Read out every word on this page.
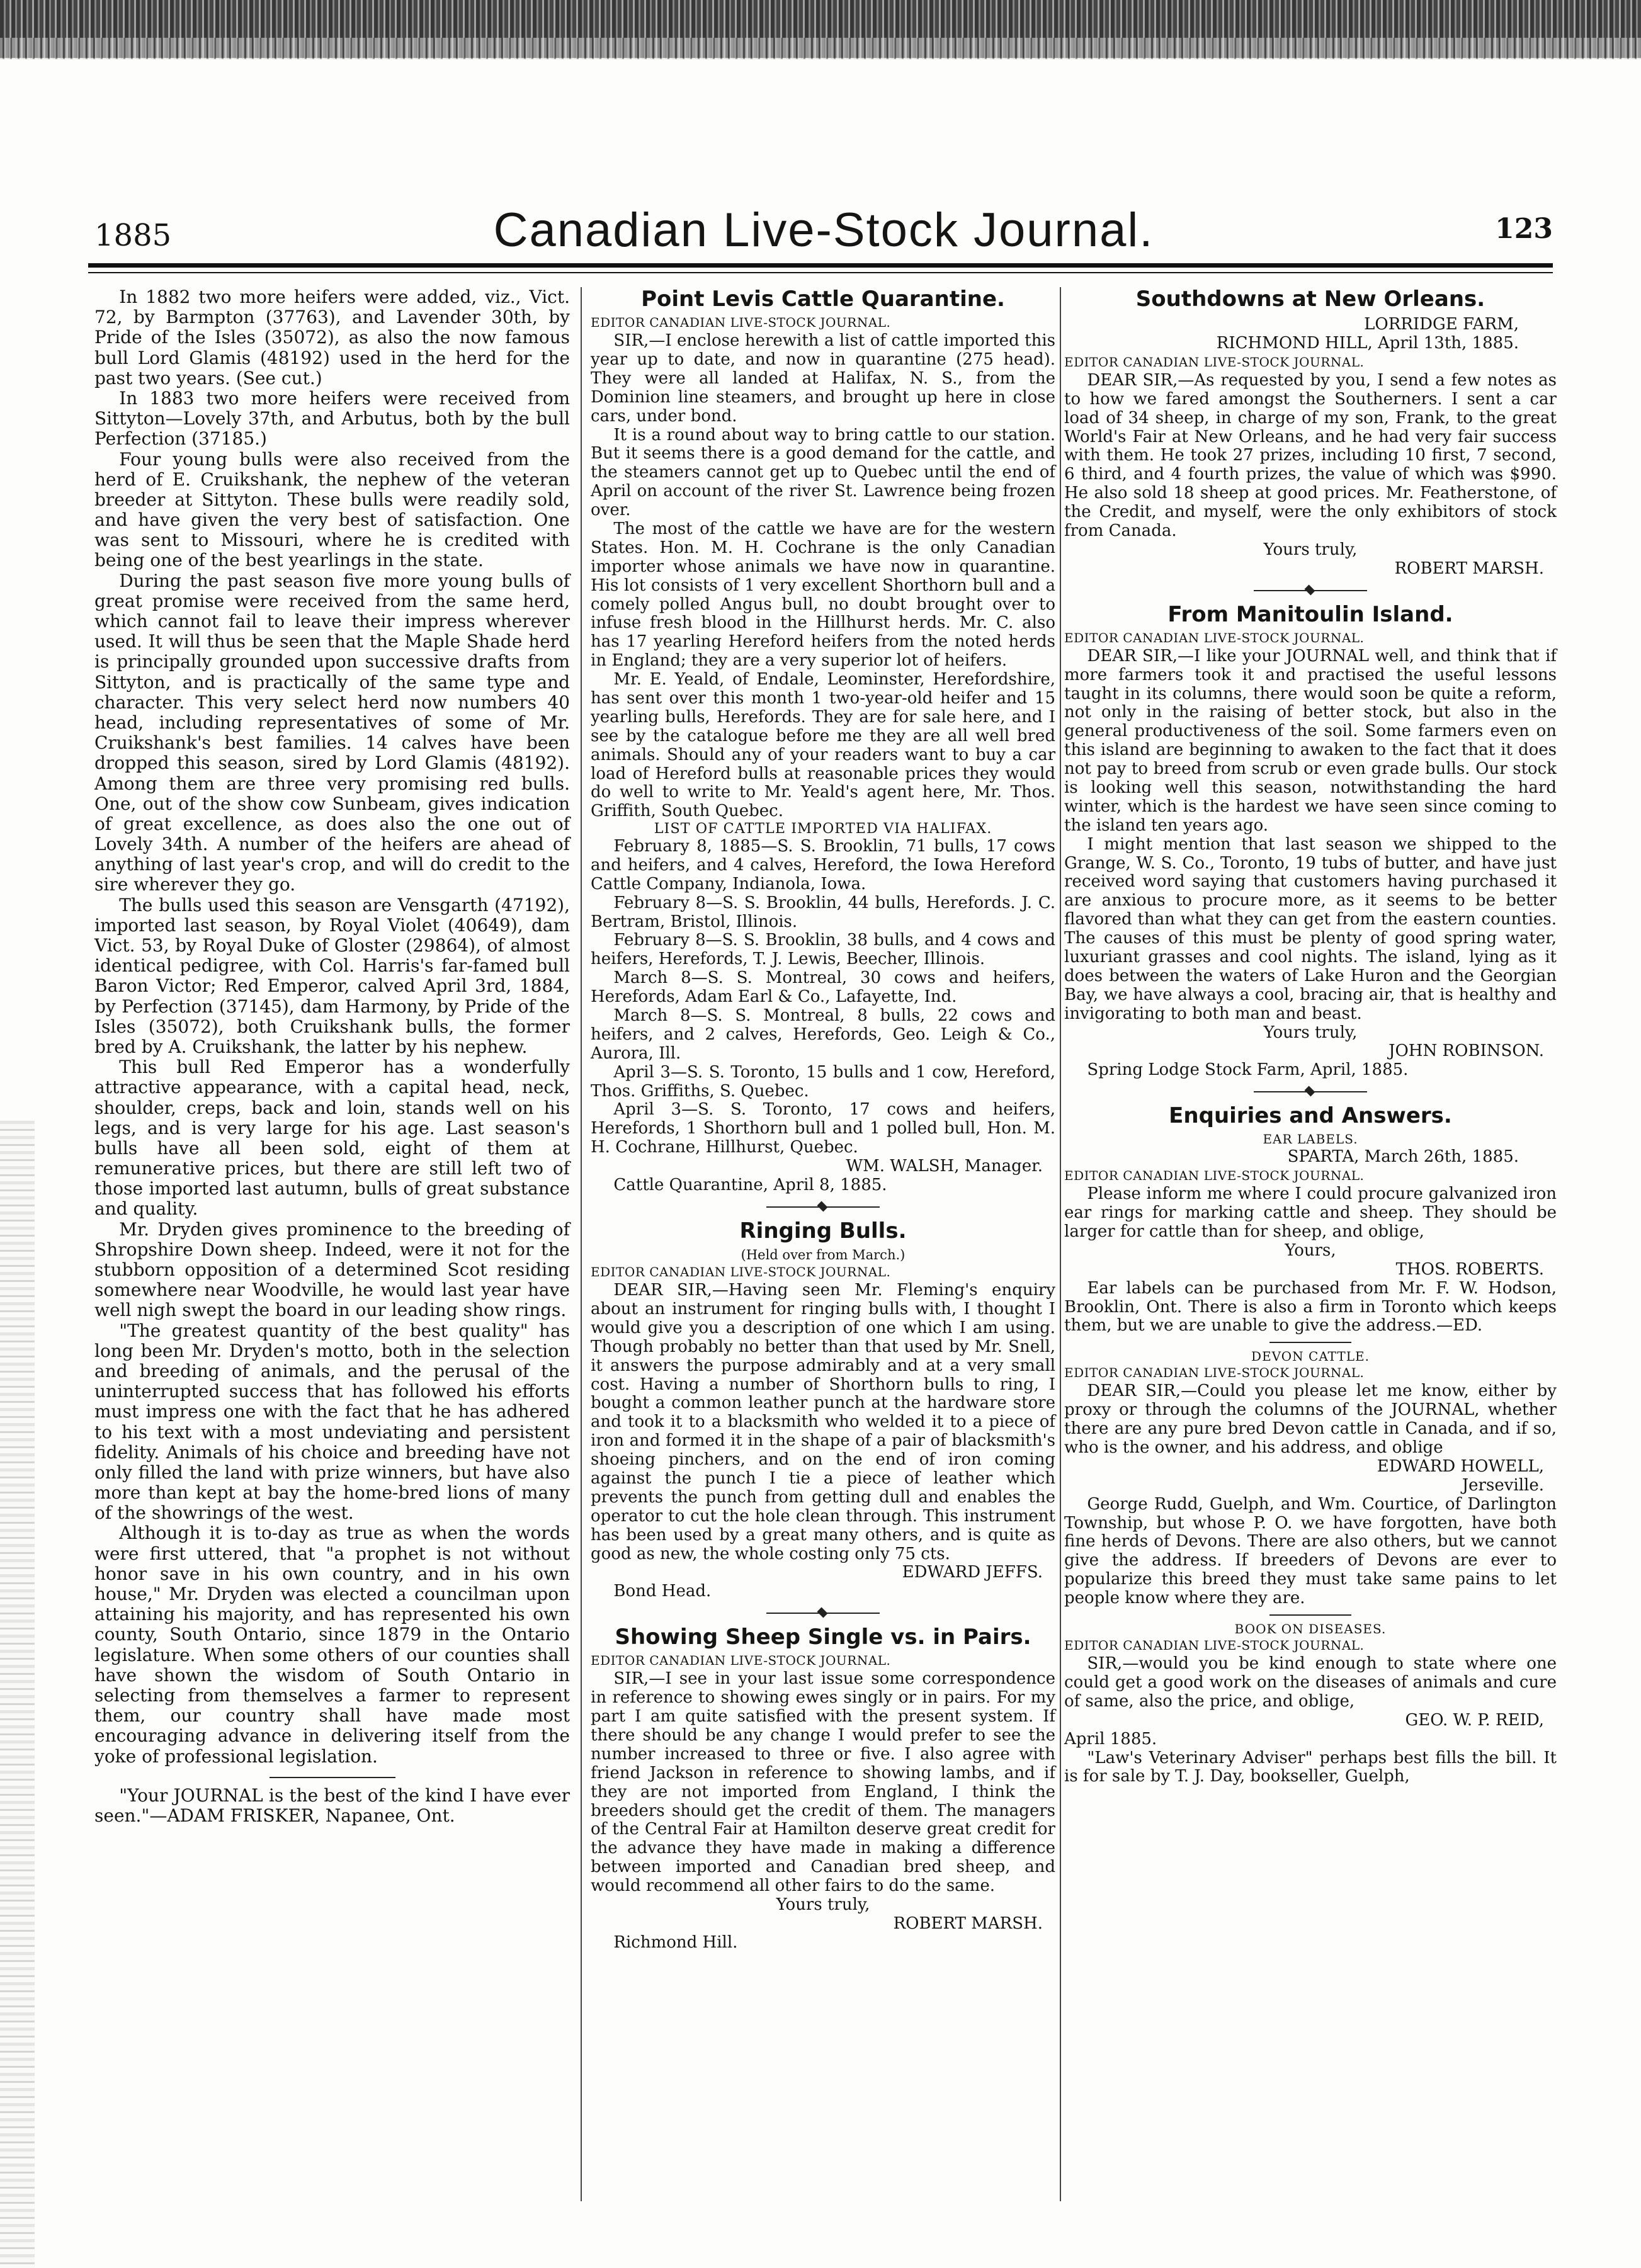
1885	Canadian Live-Stock Journal.	123

In 1882 two more heifers were added, viz., Vict. 72, by Barmpton (37763), and Lavender 30th, by Pride of the Isles (35072), as also the now famous bull Lord Glamis (48192) used in the herd for the past two years. (See cut.)

In 1883 two more heifers were received from Sittyton—Lovely 37th, and Arbutus, both by the bull Perfection (37185.)

Four young bulls were also received from the herd of E. Cruikshank, the nephew of the veteran breeder at Sittyton. These bulls were readily sold, and have given the very best of satisfaction. One was sent to Missouri, where he is credited with being one of the best yearlings in the state.

During the past season five more young bulls of great promise were received from the same herd, which cannot fail to leave their impress wherever used. It will thus be seen that the Maple Shade herd is principally grounded upon successive drafts from Sittyton, and is practically of the same type and character. This very select herd now numbers 40 head, including representatives of some of Mr. Cruikshank's best families. 14 calves have been dropped this season, sired by Lord Glamis (48192). Among them are three very promising red bulls. One, out of the show cow Sunbeam, gives indication of great excellence, as does also the one out of Lovely 34th. A number of the heifers are ahead of anything of last year's crop, and will do credit to the sire wherever they go.

The bulls used this season are Vensgarth (47192), imported last season, by Royal Violet (40649), dam Vict. 53, by Royal Duke of Gloster (29864), of almost identical pedigree, with Col. Harris's far-famed bull Baron Victor; Red Emperor, calved April 3rd, 1884, by Perfection (37145), dam Harmony, by Pride of the Isles (35072), both Cruikshank bulls, the former bred by A. Cruikshank, the latter by his nephew.

This bull Red Emperor has a wonderfully attractive appearance, with a capital head, neck, shoulder, creps, back and loin, stands well on his legs, and is very large for his age. Last season's bulls have all been sold, eight of them at remunerative prices, but there are still left two of those imported last autumn, bulls of great substance and quality.

Mr. Dryden gives prominence to the breeding of Shropshire Down sheep. Indeed, were it not for the stubborn opposition of a determined Scot residing somewhere near Woodville, he would last year have well nigh swept the board in our leading show rings.

"The greatest quantity of the best quality" has long been Mr. Dryden's motto, both in the selection and breeding of animals, and the perusal of the uninterrupted success that has followed his efforts must impress one with the fact that he has adhered to his text with a most undeviating and persistent fidelity. Animals of his choice and breeding have not only filled the land with prize winners, but have also more than kept at bay the home-bred lions of many of the showrings of the west.

Although it is to-day as true as when the words were first uttered, that "a prophet is not without honor save in his own country, and in his own house," Mr. Dryden was elected a councilman upon attaining his majority, and has represented his own county, South Ontario, since 1879 in the Ontario legislature. When some others of our counties shall have shown the wisdom of South Ontario in selecting from themselves a farmer to represent them, our country shall have made most encouraging advance in delivering itself from the yoke of professional legislation.

"Your JOURNAL is the best of the kind I have ever seen."—ADAM FRISKER, Napanee, Ont.

Point Levis Cattle Quarantine.

EDITOR CANADIAN LIVE-STOCK JOURNAL.

SIR,—I enclose herewith a list of cattle imported this year up to date, and now in quarantine (275 head). They were all landed at Halifax, N. S., from the Dominion line steamers, and brought up here in close cars, under bond.

It is a round about way to bring cattle to our station. But it seems there is a good demand for the cattle, and the steamers cannot get up to Quebec until the end of April on account of the river St. Lawrence being frozen over.

The most of the cattle we have are for the western States. Hon. M. H. Cochrane is the only Canadian importer whose animals we have now in quarantine. His lot consists of 1 very excellent Shorthorn bull and a comely polled Angus bull, no doubt brought over to infuse fresh blood in the Hillhurst herds. Mr. C. also has 17 yearling Hereford heifers from the noted herds in England; they are a very superior lot of heifers.

Mr. E. Yeald, of Endale, Leominster, Herefordshire, has sent over this month 1 two-year-old heifer and 15 yearling bulls, Herefords. They are for sale here, and I see by the catalogue before me they are all well bred animals. Should any of your readers want to buy a car load of Hereford bulls at reasonable prices they would do well to write to Mr. Yeald's agent here, Mr. Thos. Griffith, South Quebec.

LIST OF CATTLE IMPORTED VIA HALIFAX.

February 8, 1885—S. S. Brooklin, 71 bulls, 17 cows and heifers, and 4 calves, Hereford, the Iowa Hereford Cattle Company, Indianola, Iowa.

February 8—S. S. Brooklin, 44 bulls, Herefords. J. C. Bertram, Bristol, Illinois.

February 8—S. S. Brooklin, 38 bulls, and 4 cows and heifers, Herefords, T. J. Lewis, Beecher, Illinois.

March 8—S. S. Montreal, 30 cows and heifers, Herefords, Adam Earl & Co., Lafayette, Ind.

March 8—S. S. Montreal, 8 bulls, 22 cows and heifers, and 2 calves, Herefords, Geo. Leigh & Co., Aurora, Ill.

April 3—S. S. Toronto, 15 bulls and 1 cow, Hereford, Thos. Griffiths, S. Quebec.

April 3—S. S. Toronto, 17 cows and heifers, Herefords, 1 Shorthorn bull and 1 polled bull, Hon. M. H. Cochrane, Hillhurst, Quebec.

WM. WALSH, Manager.

Cattle Quarantine, April 8, 1885.

Ringing Bulls.
(Held over from March.)

EDITOR CANADIAN LIVE-STOCK JOURNAL.

DEAR SIR,—Having seen Mr. Fleming's enquiry about an instrument for ringing bulls with, I thought I would give you a description of one which I am using. Though probably no better than that used by Mr. Snell, it answers the purpose admirably and at a very small cost. Having a number of Shorthorn bulls to ring, I bought a common leather punch at the hardware store and took it to a blacksmith who welded it to a piece of iron and formed it in the shape of a pair of blacksmith's shoeing pinchers, and on the end of iron coming against the punch I tie a piece of leather which prevents the punch from getting dull and enables the operator to cut the hole clean through. This instrument has been used by a great many others, and is quite as good as new, the whole costing only 75 cts.

EDWARD JEFFS.

Bond Head.

Showing Sheep Single vs. in Pairs.

EDITOR CANADIAN LIVE-STOCK JOURNAL.

SIR,—I see in your last issue some correspondence in reference to showing ewes singly or in pairs. For my part I am quite satisfied with the present system. If there should be any change I would prefer to see the number increased to three or five. I also agree with friend Jackson in reference to showing lambs, and if they are not imported from England, I think the breeders should get the credit of them. The managers of the Central Fair at Hamilton deserve great credit for the advance they have made in making a difference between imported and Canadian bred sheep, and would recommend all other fairs to do the same.

Yours truly,

ROBERT MARSH.

Richmond Hill.

Southdowns at New Orleans.

LORRIDGE FARM,

RICHMOND HILL, April 13th, 1885.

EDITOR CANADIAN LIVE-STOCK JOURNAL.

DEAR SIR,—As requested by you, I send a few notes as to how we fared amongst the Southerners. I sent a car load of 34 sheep, in charge of my son, Frank, to the great World's Fair at New Orleans, and he had very fair success with them. He took 27 prizes, including 10 first, 7 second, 6 third, and 4 fourth prizes, the value of which was $990. He also sold 18 sheep at good prices. Mr. Featherstone, of the Credit, and myself, were the only exhibitors of stock from Canada.

Yours truly,

ROBERT MARSH.

From Manitoulin Island.

EDITOR CANADIAN LIVE-STOCK JOURNAL.

DEAR SIR,—I like your JOURNAL well, and think that if more farmers took it and practised the useful lessons taught in its columns, there would soon be quite a reform, not only in the raising of better stock, but also in the general productiveness of the soil. Some farmers even on this island are beginning to awaken to the fact that it does not pay to breed from scrub or even grade bulls. Our stock is looking well this season, notwithstanding the hard winter, which is the hardest we have seen since coming to the island ten years ago.

I might mention that last season we shipped to the Grange, W. S. Co., Toronto, 19 tubs of butter, and have just received word saying that customers having purchased it are anxious to procure more, as it seems to be better flavored than what they can get from the eastern counties. The causes of this must be plenty of good spring water, luxuriant grasses and cool nights. The island, lying as it does between the waters of Lake Huron and the Georgian Bay, we have always a cool, bracing air, that is healthy and invigorating to both man and beast.

Yours truly,

JOHN ROBINSON.

Spring Lodge Stock Farm, April, 1885.

Enquiries and Answers.
EAR LABELS.

SPARTA, March 26th, 1885.

EDITOR CANADIAN LIVE-STOCK JOURNAL.

Please inform me where I could procure galvanized iron ear rings for marking cattle and sheep. They should be larger for cattle than for sheep, and oblige,

Yours,

THOS. ROBERTS.

Ear labels can be purchased from Mr. F. W. Hodson, Brooklin, Ont. There is also a firm in Toronto which keeps them, but we are unable to give the address.—ED.

DEVON CATTLE.

EDITOR CANADIAN LIVE-STOCK JOURNAL.

DEAR SIR,—Could you please let me know, either by proxy or through the columns of the JOURNAL, whether there are any pure bred Devon cattle in Canada, and if so, who is the owner, and his address, and oblige

EDWARD HOWELL,

Jerseville.

George Rudd, Guelph, and Wm. Courtice, of Darlington Township, but whose P. O. we have forgotten, have both fine herds of Devons. There are also others, but we cannot give the address. If breeders of Devons are ever to popularize this breed they must take same pains to let people know where they are.

BOOK ON DISEASES.

EDITOR CANADIAN LIVE-STOCK JOURNAL.

SIR,—would you be kind enough to state where one could get a good work on the diseases of animals and cure of same, also the price, and oblige,

GEO. W. P. REID,

April 1885.

"Law's Veterinary Adviser" perhaps best fills the bill. It is for sale by T. J. Day, bookseller, Guelph,
